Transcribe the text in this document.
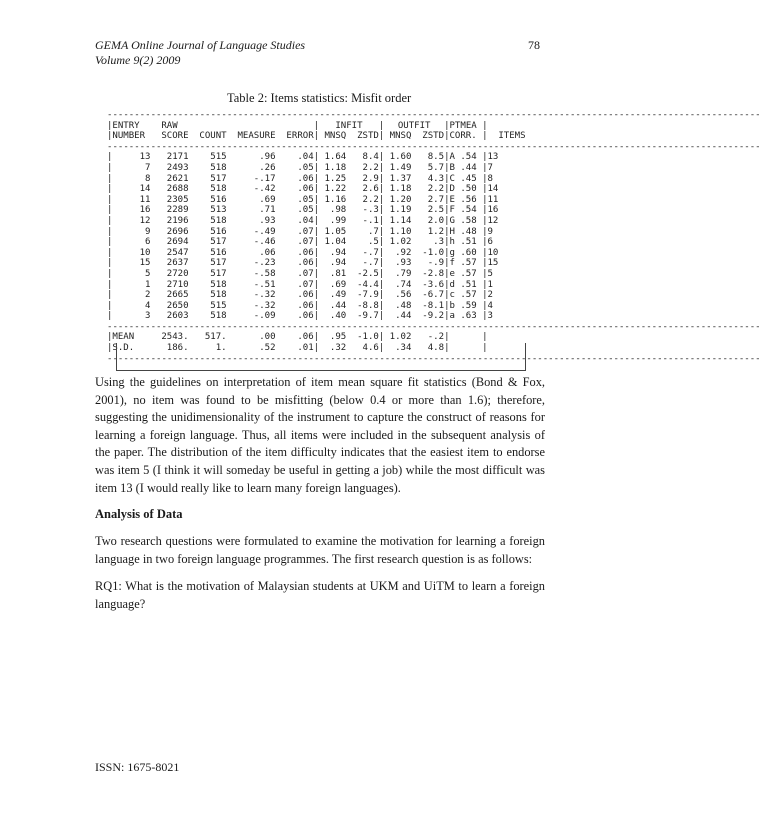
GEMA Online Journal of Language Studies
Volume 9(2) 2009
78
Table 2: Items statistics: Misfit order
------------------------------------------------------------------------------------------------------------------------
|ENTRY RAW	| INFIT | OUTFIT |PTMEA |
|NUMBER SCORE COUNT MEASURE ERROR| MNSQ ZSTD| MNSQ ZSTD|CORR. | ITEMS
------------------------------------------------------------------------------------------------------------------------
|	13 2171 515	.96 .04| 1.64 8.4| 1.60 8.5|A .54 |13
|	7 2493 518	.26 .05| 1.18 2.2| 1.49 5.7|B .44 |7
|	8 2621 517	-.17 .06| 1.25 2.9| 1.37 4.3|C .45 |8
|	14 2688 518	-.42 .06| 1.22 2.6| 1.18 2.2|D .50 |14
|	11 2305 516	.69 .05| 1.16 2.2| 1.20 2.7|E .56 |11
|	16 2289 513	.71 .05| .98 -.3| 1.19 2.5|F .54 |16
|	12 2196 518	.93 .04| .99 -.1| 1.14 2.0|G .58 |12
|	9 2696 516	-.49 .07| 1.05 .7| 1.10 1.2|H .48 |9
|	6 2694 517	-.46 .07| 1.04 .5| 1.02 .3|h .51 |6
|	10 2547 516	.06 .06| .94 -.7| .92 -1.0|g .60 |10
|	15 2637 517	-.23 .06| .94 -.7| .93 -.9|f .57 |15
|	5 2720 517	-.58 .07| .81 -2.5| .79 -2.8|e .57 |5
|	1 2710 518	-.51 .07| .69 -4.4| .74 -3.6|d .51 |1
|	2 2665 518	-.32 .06| .49 -7.9| .56 -6.7|c .57 |2
|	4 2650 515	-.32 .06| .44 -8.8| .48 -8.1|b .59 |4
|	3 2603 518	-.09 .06| .40 -9.7| .44 -9.2|a .63 |3
------------------------------------------------------------------------------------------------------------------------
|MEAN	2543. 517.	.00 .06| .95 -1.0| 1.02 -.2|	|
|S.D.	186.	1.	.52 .01| .32 4.6| .34 4.8|	|
------------------------------------------------------------------------------------------------------------------------
Using the guidelines on interpretation of item mean square fit statistics (Bond & Fox, 2001), no item was found to be misfitting (below 0.4 or more than 1.6); therefore, suggesting the unidimensionality of the instrument to capture the construct of reasons for learning a foreign language. Thus, all items were included in the subsequent analysis of the paper. The distribution of the item difficulty indicates that the easiest item to endorse was item 5 (I think it will someday be useful in getting a job) while the most difficult was item 13 (I would really like to learn many foreign languages).
Analysis of Data
Two research questions were formulated to examine the motivation for learning a foreign language in two foreign language programmes. The first research question is as follows:
RQ1: What is the motivation of Malaysian students at UKM and UiTM to learn a foreign language?
ISSN: 1675-8021
